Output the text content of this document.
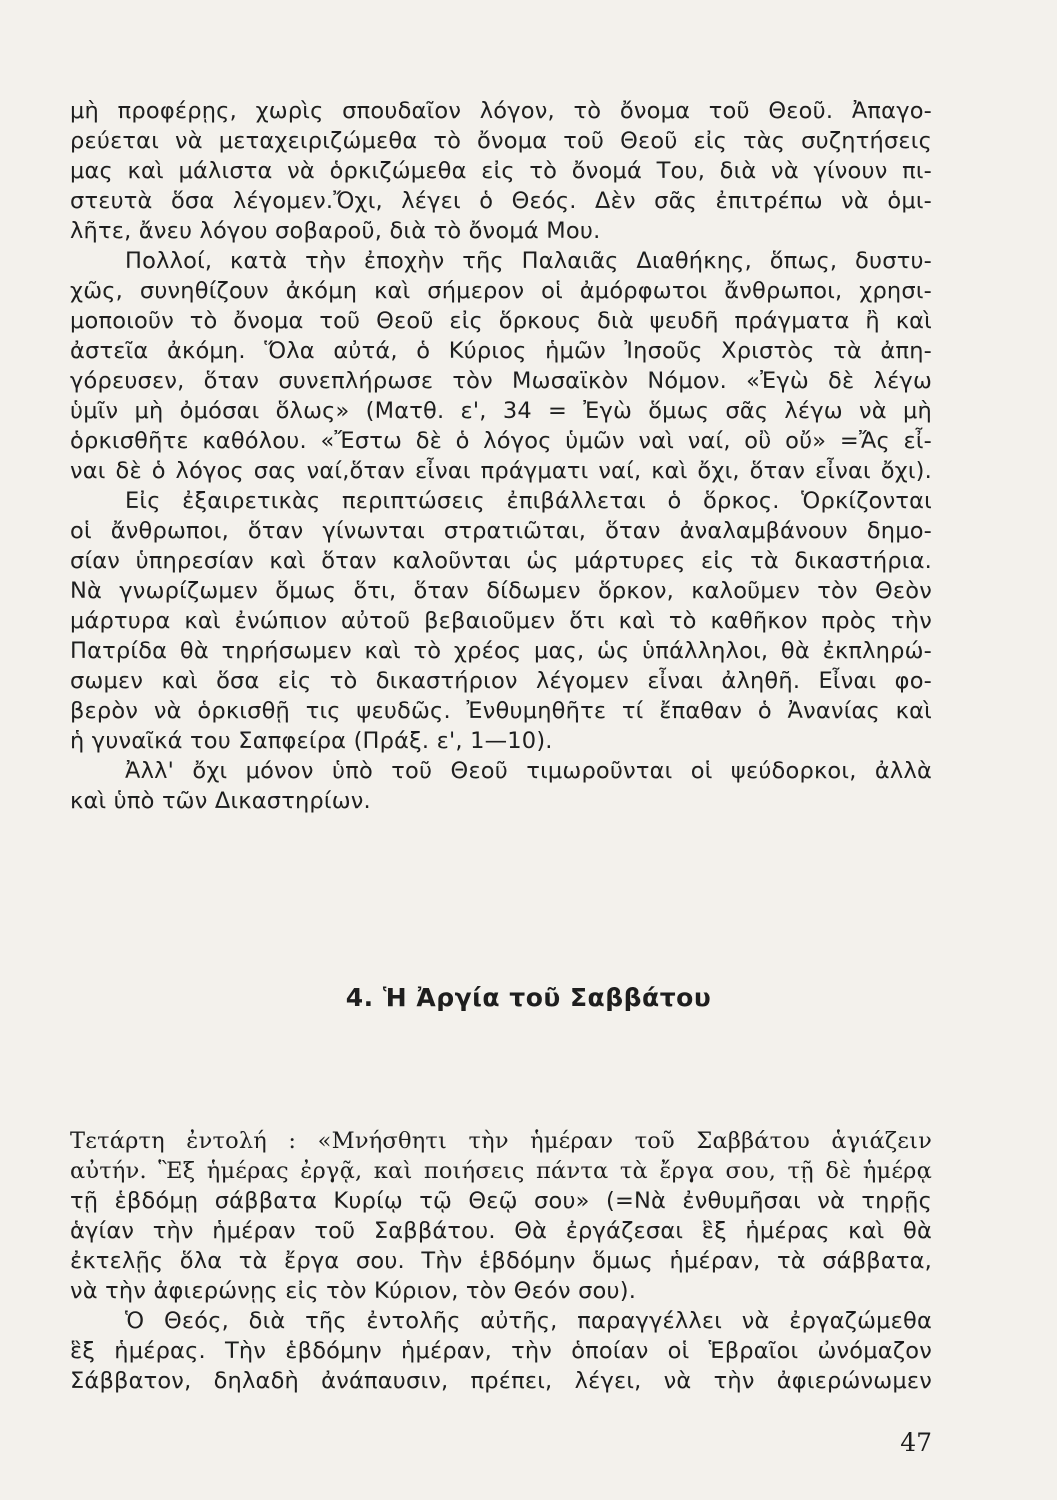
μὴ προφέρῃς, χωρὶς σπουδαῖον λόγον, τὸ ὄνομα τοῦ Θεοῦ. Ἀπαγο-
ρεύεται νὰ μεταχειριζώμεθα τὸ ὄνομα τοῦ Θεοῦ εἰς τὰς συζητήσεις
μας καὶ μάλιστα νὰ ὁρκιζώμεθα εἰς τὸ ὄνομά Του, διὰ νὰ γίνουν πι-
στευτὰ ὅσα λέγομεν.Ὄχι, λέγει ὁ Θεός. Δὲν σᾶς ἐπιτρέπω νὰ ὁμι-
λῆτε, ἄνευ λόγου σοβαροῦ, διὰ τὸ ὄνομά Μου.
Πολλοί, κατὰ τὴν ἐποχὴν τῆς Παλαιᾶς Διαθήκης, ὅπως, δυστυ-
χῶς, συνηθίζουν ἀκόμη καὶ σήμερον οἱ ἀμόρφωτοι ἄνθρωποι, χρησι-
μοποιοῦν τὸ ὄνομα τοῦ Θεοῦ εἰς ὅρκους διὰ ψευδῆ πράγματα ἢ καὶ
ἀστεῖα ἀκόμη. Ὅλα αὐτά, ὁ Κύριος ἡμῶν Ἰησοῦς Χριστὸς τὰ ἀπη-
γόρευσεν, ὅταν συνεπλήρωσε τὸν Μωσαϊκὸν Νόμον. «Ἐγὼ δὲ λέγω
ὑμῖν μὴ ὀμόσαι ὅλως» (Ματθ. ε', 34 = Ἐγὼ ὅμως σᾶς λέγω νὰ μὴ
ὁρκισθῆτε καθόλου. «Ἔστω δὲ ὁ λόγος ὑμῶν ναὶ ναί, οὒ οὔ» =Ἄς εἶ-
ναι δὲ ὁ λόγος σας ναί,ὅταν εἶναι πράγματι ναί, καὶ ὄχι, ὅταν εἶναι ὄχι).
Εἰς ἐξαιρετικὰς περιπτώσεις ἐπιβάλλεται ὁ ὅρκος. Ὁρκίζονται
οἱ ἄνθρωποι, ὅταν γίνωνται στρατιῶται, ὅταν ἀναλαμβάνουν δημο-
σίαν ὑπηρεσίαν καὶ ὅταν καλοῦνται ὡς μάρτυρες εἰς τὰ δικαστήρια.
Νὰ γνωρίζωμεν ὅμως ὅτι, ὅταν δίδωμεν ὅρκον, καλοῦμεν τὸν Θεὸν
μάρτυρα καὶ ἐνώπιον αὐτοῦ βεβαιοῦμεν ὅτι καὶ τὸ καθῆκον πρὸς τὴν
Πατρίδα θὰ τηρήσωμεν καὶ τὸ χρέος μας, ὡς ὑπάλληλοι, θὰ ἐκπληρώ-
σωμεν καὶ ὅσα εἰς τὸ δικαστήριον λέγομεν εἶναι ἀληθῆ. Εἶναι φο-
βερὸν νὰ ὁρκισθῇ τις ψευδῶς. Ἐνθυμηθῆτε τί ἔπαθαν ὁ Ἀνανίας καὶ
ἡ γυναῖκά του Σαπφείρα (Πράξ. ε', 1—10).
Ἀλλ' ὄχι μόνον ὑπὸ τοῦ Θεοῦ τιμωροῦνται οἱ ψεύδορκοι, ἀλλὰ
καὶ ὑπὸ τῶν Δικαστηρίων.
4. Ἡ Ἀργία τοῦ Σαββάτου
Τετάρτη ἐντολή : «Μνήσθητι τὴν ἡμέραν τοῦ Σαββάτου ἁγιάζειν
αὐτήν. Ἓξ ἡμέρας ἐργᾷ, καὶ ποιήσεις πάντα τὰ ἔργα σου, τῇ δὲ ἡμέρᾳ
τῇ ἑβδόμῃ σάββατα Κυρίῳ τῷ Θεῷ σου» (=Νὰ ἐνθυμῆσαι νὰ τηρῇς
ἁγίαν τὴν ἡμέραν τοῦ Σαββάτου. Θὰ ἐργάζεσαι ἓξ ἡμέρας καὶ θὰ
ἐκτελῇς ὅλα τὰ ἔργα σου. Τὴν ἑβδόμην ὅμως ἡμέραν, τὰ σάββατα,
νὰ τὴν ἀφιερώνῃς εἰς τὸν Κύριον, τὸν Θεόν σου).
Ὁ Θεός, διὰ τῆς ἐντολῆς αὐτῆς, παραγγέλλει νὰ ἐργαζώμεθα
ἓξ ἡμέρας. Τὴν ἑβδόμην ἡμέραν, τὴν ὁποίαν οἱ Ἑβραῖοι ὠνόμαζον
Σάββατον, δηλαδὴ ἀνάπαυσιν, πρέπει, λέγει, νὰ τὴν ἀφιερώνωμεν
47
